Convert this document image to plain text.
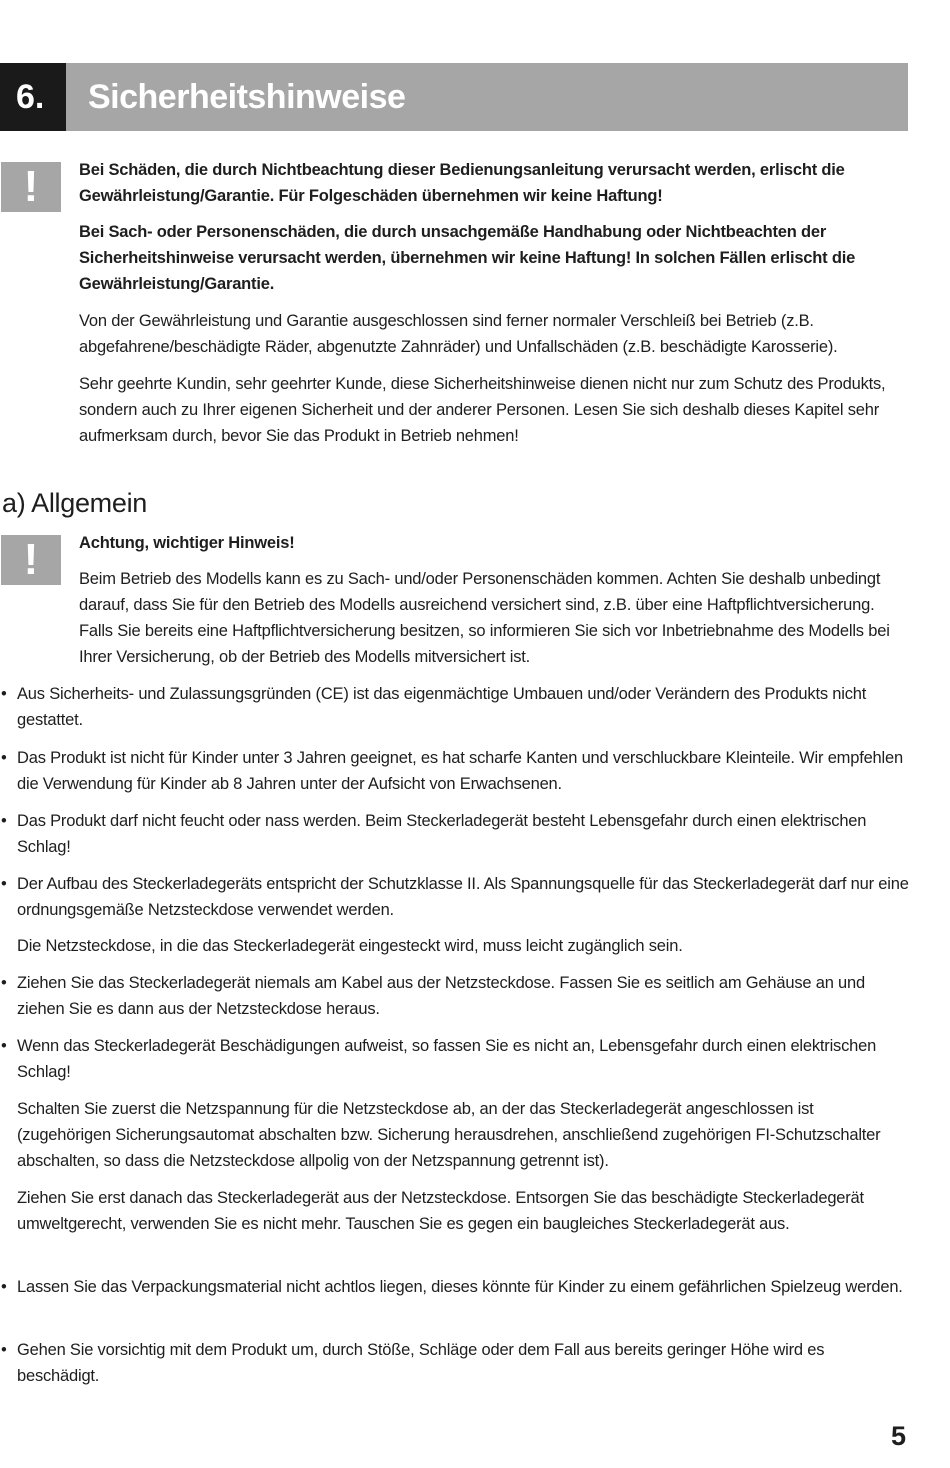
6.	Sicherheitshinweise
!	Bei Schäden, die durch Nichtbeachtung dieser Bedienungsanleitung verursacht werden, erlischt die Gewährleistung/Garantie. Für Folgeschäden übernehmen wir keine Haftung!

Bei Sach- oder Personenschäden, die durch unsachgemäße Handhabung oder Nichtbeachten der Sicherheitshinweise verursacht werden, übernehmen wir keine Haftung! In solchen Fällen erlischt die Gewährleistung/Garantie.

Von der Gewährleistung und Garantie ausgeschlossen sind ferner normaler Verschleiß bei Betrieb (z.B. abgefahrene/beschädigte Räder, abgenutzte Zahnräder) und Unfallschäden (z.B. beschädigte Karosserie).

Sehr geehrte Kundin, sehr geehrter Kunde, diese Sicherheitshinweise dienen nicht nur zum Schutz des Produkts, sondern auch zu Ihrer eigenen Sicherheit und der anderer Personen. Lesen Sie sich deshalb dieses Kapitel sehr aufmerksam durch, bevor Sie das Produkt in Betrieb nehmen!

a) Allgemein
!	Achtung, wichtiger Hinweis!

Beim Betrieb des Modells kann es zu Sach- und/oder Personenschäden kommen. Achten Sie deshalb unbedingt darauf, dass Sie für den Betrieb des Modells ausreichend versichert sind, z.B. über eine Haftpflichtversicherung. Falls Sie bereits eine Haftpflichtversicherung besitzen, so informieren Sie sich vor Inbetriebnahme des Modells bei Ihrer Versicherung, ob der Betrieb des Modells mitversichert ist.

• Aus Sicherheits- und Zulassungsgründen (CE) ist das eigenmächtige Umbauen und/oder Verändern des Produkts nicht gestattet.

• Das Produkt ist nicht für Kinder unter 3 Jahren geeignet, es hat scharfe Kanten und verschluckbare Kleinteile. Wir empfehlen die Verwendung für Kinder ab 8 Jahren unter der Aufsicht von Erwachsenen.

• Das Produkt darf nicht feucht oder nass werden. Beim Steckerladegerät besteht Lebensgefahr durch einen elektrischen Schlag!

• Der Aufbau des Steckerladegeräts entspricht der Schutzklasse II. Als Spannungsquelle für das Steckerladegerät darf nur eine ordnungsgemäße Netzsteckdose verwendet werden.

Die Netzsteckdose, in die das Steckerladegerät eingesteckt wird, muss leicht zugänglich sein.

• Ziehen Sie das Steckerladegerät niemals am Kabel aus der Netzsteckdose. Fassen Sie es seitlich am Gehäuse an und ziehen Sie es dann aus der Netzsteckdose heraus.

• Wenn das Steckerladegerät Beschädigungen aufweist, so fassen Sie es nicht an, Lebensgefahr durch einen elektrischen Schlag!

Schalten Sie zuerst die Netzspannung für die Netzsteckdose ab, an der das Steckerladegerät angeschlossen ist (zugehörigen Sicherungsautomat abschalten bzw. Sicherung herausdrehen, anschließend zugehörigen FI-Schutzschalter abschalten, so dass die Netzsteckdose allpolig von der Netzspannung getrennt ist).

Ziehen Sie erst danach das Steckerladegerät aus der Netzsteckdose. Entsorgen Sie das beschädigte Steckerladegerät umweltgerecht, verwenden Sie es nicht mehr. Tauschen Sie es gegen ein baugleiches Steckerladegerät aus.

• Lassen Sie das Verpackungsmaterial nicht achtlos liegen, dieses könnte für Kinder zu einem gefährlichen Spielzeug werden.

• Gehen Sie vorsichtig mit dem Produkt um, durch Stöße, Schläge oder dem Fall aus bereits geringer Höhe wird es beschädigt.

5
